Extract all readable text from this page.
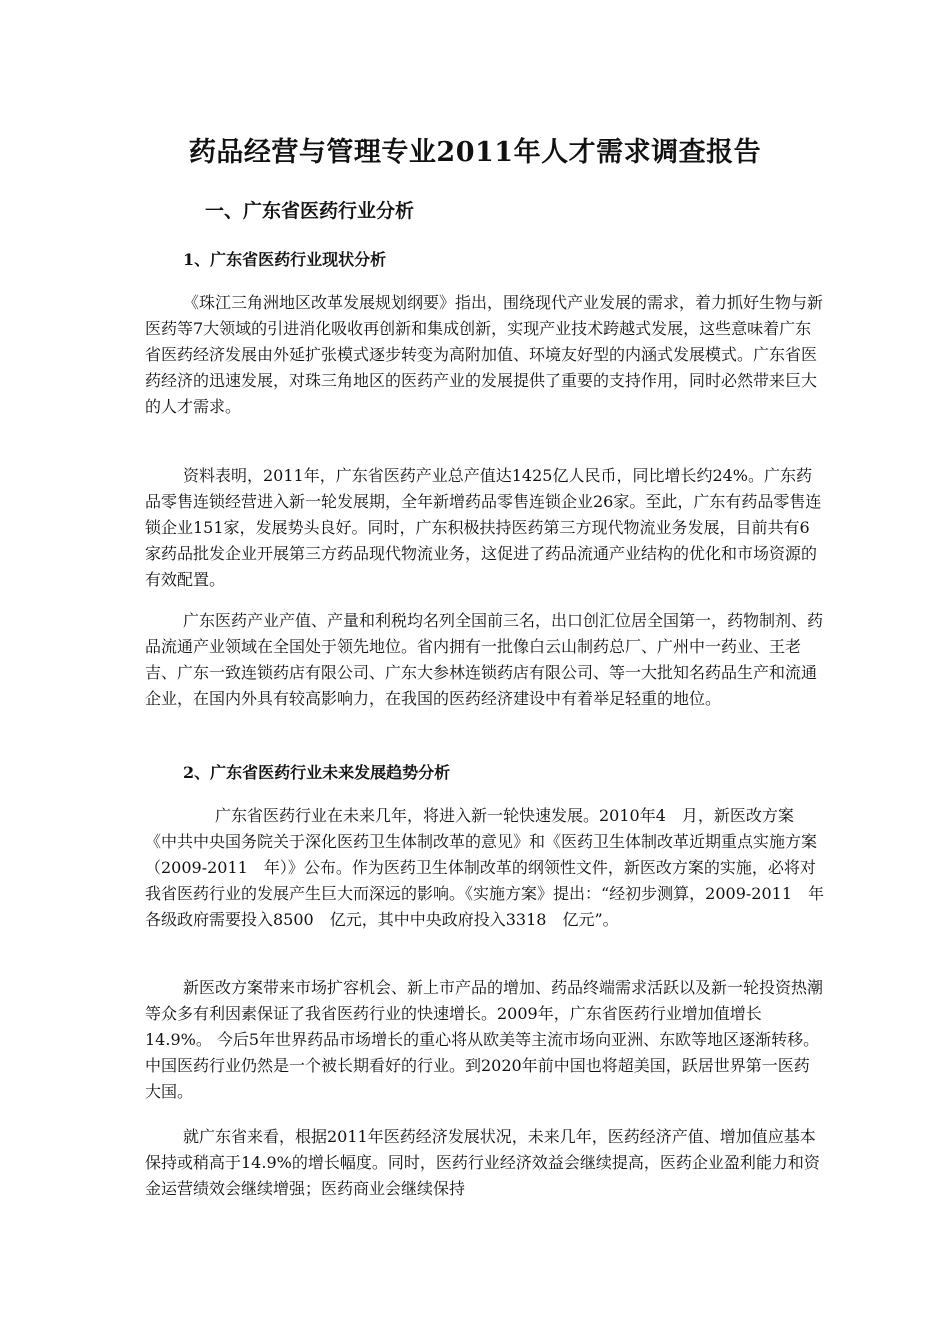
药品经营与管理专业2011年人才需求调查报告
一、广东省医药行业分析
1、广东省医药行业现状分析

《珠江三角洲地区改革发展规划纲要》指出，围绕现代产业发展的需求，着力抓好生物与新医药等7大领域的引进消化吸收再创新和集成创新，实现产业技术跨越式发展，这些意味着广东省医药经济发展由外延扩张模式逐步转变为高附加值、环境友好型的内涵式发展模式。广东省医药经济的迅速发展，对珠三角地区的医药产业的发展提供了重要的支持作用，同时必然带来巨大的人才需求。

资料表明，2011年，广东省医药产业总产值达1425亿人民币，同比增长约24%。广东药品零售连锁经营进入新一轮发展期，全年新增药品零售连锁企业26家。至此，广东有药品零售连锁企业151家，发展势头良好。同时，广东积极扶持医药第三方现代物流业务发展，目前共有6家药品批发企业开展第三方药品现代物流业务，这促进了药品流通产业结构的优化和市场资源的有效配置。

广东医药产业产值、产量和利税均名列全国前三名，出口创汇位居全国第一，药物制剂、药品流通产业领域在全国处于领先地位。省内拥有一批像白云山制药总厂、广州中一药业、王老吉、广东一致连锁药店有限公司、广东大参林连锁药店有限公司、等一大批知名药品生产和流通企业，在国内外具有较高影响力，在我国的医药经济建设中有着举足轻重的地位。

2、广东省医药行业未来发展趋势分析

广东省医药行业在未来几年，将进入新一轮快速发展。2010年4　月，新医改方案《中共中央国务院关于深化医药卫生体制改革的意见》和《医药卫生体制改革近期重点实施方案（2009-2011　年）》公布。作为医药卫生体制改革的纲领性文件，新医改方案的实施，必将对我省医药行业的发展产生巨大而深远的影响。《实施方案》提出：“经初步测算，2009-2011　年各级政府需要投入8500　亿元，其中中央政府投入3318　亿元”。

新医改方案带来市场扩容机会、新上市产品的增加、药品终端需求活跃以及新一轮投资热潮等众多有利因素保证了我省医药行业的快速增长。2009年，广东省医药行业增加值增长14.9%。 今后5年世界药品市场增长的重心将从欧美等主流市场向亚洲、东欧等地区逐渐转移。中国医药行业仍然是一个被长期看好的行业。到2020年前中国也将超美国，跃居世界第一医药大国。

就广东省来看，根据2011年医药经济发展状况，未来几年，医药经济产值、增加值应基本保持或稍高于14.9%的增长幅度。同时，医药行业经济效益会继续提高，医药企业盈利能力和资金运营绩效会继续增强；医药商业会继续保持
